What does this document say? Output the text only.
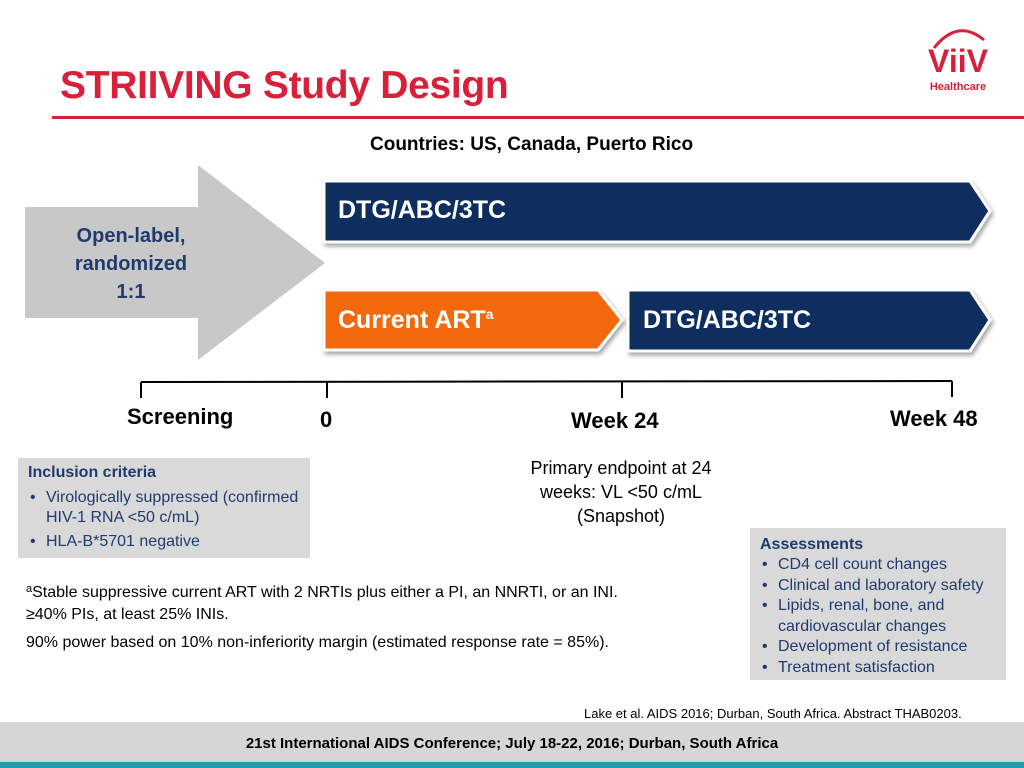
STRIIVING Study Design
ViiV
Healthcare
Countries: US, Canada, Puerto Rico
Open-label,
randomized
1:1
DTG/ABC/3TC
Current ART$^a$	DTG/ABC/3TC
Screening	0	Week 24	Week 48
Inclusion criteria
• Virologically suppressed (confirmed HIV-1 RNA <50 c/mL)
• HLA-B*5701 negative
Primary endpoint at 24 weeks: VL <50 c/mL (Snapshot)
Assessments
• CD4 cell count changes
• Clinical and laboratory safety
• Lipids, renal, bone, and cardiovascular changes
• Development of resistance
• Treatment satisfaction
$^a$Stable suppressive current ART with 2 NRTIs plus either a PI, an NNRTI, or an INI. ≥40% PIs, at least 25% INIs.
90% power based on 10% non-inferiority margin (estimated response rate = 85%).
Lake et al. AIDS 2016; Durban, South Africa. Abstract THAB0203.
21st International AIDS Conference; July 18-22, 2016; Durban, South Africa
